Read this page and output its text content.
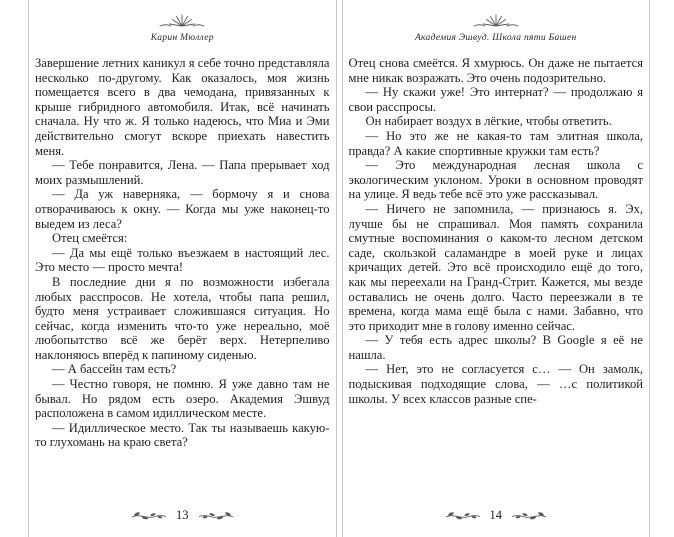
Карин Мюллер

Завершение летних каникул я себе точно представляла несколько по-другому. Как оказалось, моя жизнь помещается всего в два чемодана, привязанных к крыше гибридного автомобиля. Итак, всё начинать сначала. Ну что ж. Я только надеюсь, что Миа и Эми действительно смогут вскоре приехать навестить меня.

— Тебе понравится, Лена. — Папа прерывает ход моих размышлений.

— Да уж наверняка, — бормочу я и снова отворачиваюсь к окну. — Когда мы уже наконец-то выедем из леса?

Отец смеётся:

— Да мы ещё только въезжаем в настоящий лес. Это место — просто мечта!

В последние дни я по возможности избегала любых расспросов. Не хотела, чтобы папа решил, будто меня устраивает сложившаяся ситуация. Но сейчас, когда изменить что-то уже нереально, моё любопытство всё же берёт верх. Нетерпеливо наклоняюсь вперёд к папиному сиденью.

— А бассейн там есть?

— Честно говоря, не помню. Я уже давно там не бывал. Но рядом есть озеро. Академия Эшвуд расположена в самом идиллическом месте.

— Идиллическое место. Так ты называешь какую-то глухомань на краю света?

13
Академия Эшвуд. Школа пяти Башен

Отец снова смеётся. Я хмурюсь. Он даже не пытается мне никак возражать. Это очень подозрительно.

— Ну скажи уже! Это интернат? — продолжаю я свои расспросы.

Он набирает воздух в лёгкие, чтобы ответить.

— Но это же не какая-то там элитная школа, правда? А какие спортивные кружки там есть?

— Это международная лесная школа с экологическим уклоном. Уроки в основном проводят на улице. Я ведь тебе всё это уже рассказывал.

— Ничего не запомнила, — признаюсь я. Эх, лучше бы не спрашивал. Моя память сохранила смутные воспоминания о каком-то лесном детском саде, скользкой саламандре в моей руке и лицах кричащих детей. Это всё происходило ещё до того, как мы переехали на Гранд-Стрит. Кажется, мы везде оставались не очень долго. Часто переезжали в те времена, когда мама ещё была с нами. Забавно, что это приходит мне в голову именно сейчас.

— У тебя есть адрес школы? В Google я её не нашла.

— Нет, это не согласуется с… — Он замолк, подыскивая подходящие слова, — …с политикой школы. У всех классов разные спе-

14
